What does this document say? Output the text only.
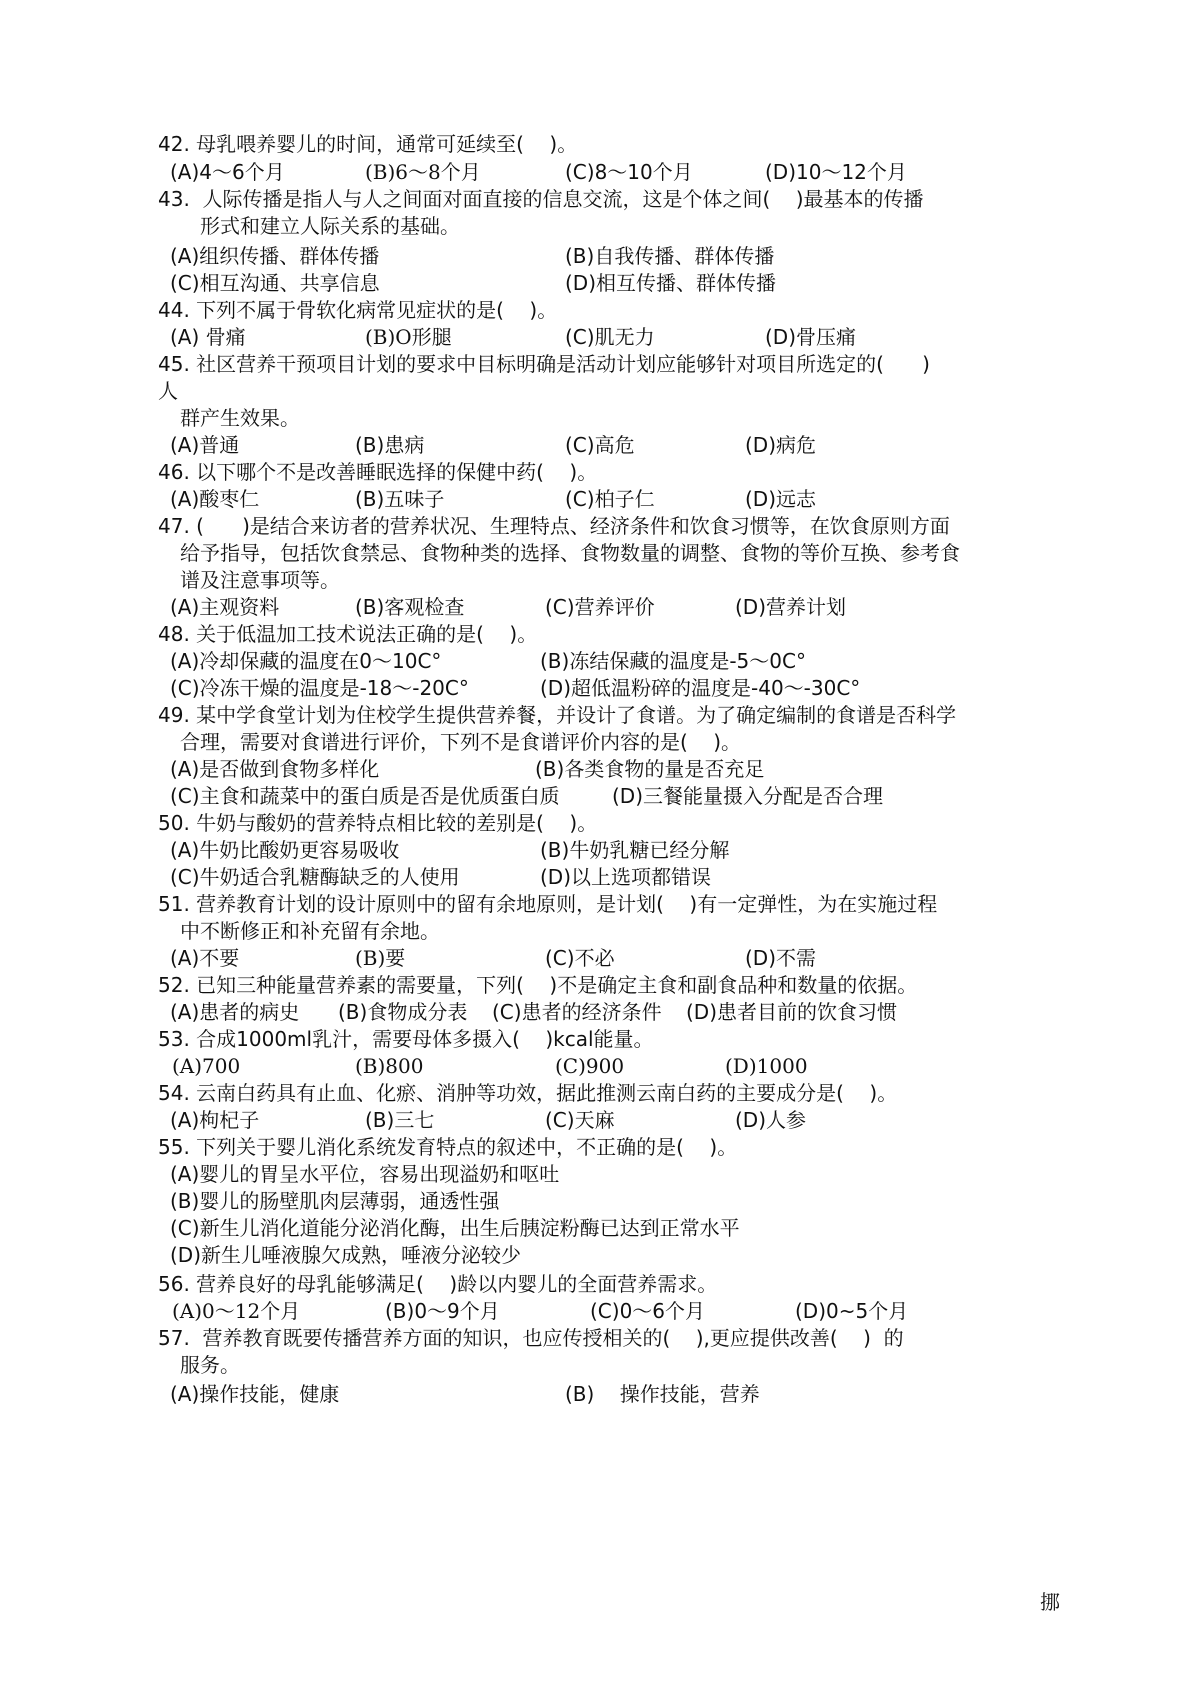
42. 母乳喂养婴儿的时间，通常可延续至(    )。
(A)4～6个月	(B)6～8个月	(C)8～10个月	(D)10～12个月
43.  人际传播是指人与人之间面对面直接的信息交流，这是个体之间(    )最基本的传播
形式和建立人际关系的基础。
(A)组织传播、群体传播	(B)自我传播、群体传播
(C)相互沟通、共享信息	(D)相互传播、群体传播
44. 下列不属于骨软化病常见症状的是(    )。
(A) 骨痛	(B)O形腿	(C)肌无力	(D)骨压痛
45. 社区营养干预项目计划的要求中目标明确是活动计划应能够针对项目所选定的(      )
人
群产生效果。
(A)普通	(B)患病	(C)高危	(D)病危
46. 以下哪个不是改善睡眠选择的保健中药(    )。
(A)酸枣仁	(B)五味子	(C)柏子仁	(D)远志
47. (      )是结合来访者的营养状况、生理特点、经济条件和饮食习惯等，在饮食原则方面
给予指导，包括饮食禁忌、食物种类的选择、食物数量的调整、食物的等价互换、参考食
谱及注意事项等。
(A)主观资料	(B)客观检查	(C)营养评价	(D)营养计划
48. 关于低温加工技术说法正确的是(    )。
(A)冷却保藏的温度在0～10C°	(B)冻结保藏的温度是-5～0C°
(C)冷冻干燥的温度是-18～-20C°	(D)超低温粉碎的温度是-40～-30C°
49. 某中学食堂计划为住校学生提供营养餐，并设计了食谱。为了确定编制的食谱是否科学
合理，需要对食谱进行评价，下列不是食谱评价内容的是(    )。
(A)是否做到食物多样化	(B)各类食物的量是否充足
(C)主食和蔬菜中的蛋白质是否是优质蛋白质	(D)三餐能量摄入分配是否合理
50. 牛奶与酸奶的营养特点相比较的差别是(    )。
(A)牛奶比酸奶更容易吸收	(B)牛奶乳糖已经分解
(C)牛奶适合乳糖酶缺乏的人使用	(D)以上选项都错误
51. 营养教育计划的设计原则中的留有余地原则，是计划(    )有一定弹性，为在实施过程
中不断修正和补充留有余地。
(A)不要	(B)要	(C)不必	(D)不需
52. 已知三种能量营养素的需要量，下列(    )不是确定主食和副食品种和数量的依据。
(A)患者的病史 (B)食物成分表 (C)患者的经济条件 (D)患者目前的饮食习惯
53. 合成1000ml乳汁，需要母体多摄入(    )kcal能量。
(A)700	(B)800	(C)900	(D)1000
54. 云南白药具有止血、化瘀、消肿等功效，据此推测云南白药的主要成分是(    )。
(A)枸杞子	(B)三七	(C)天麻	(D)人参
55. 下列关于婴儿消化系统发育特点的叙述中，不正确的是(    )。
(A)婴儿的胃呈水平位，容易出现溢奶和呕吐
(B)婴儿的肠壁肌肉层薄弱，通透性强
(C)新生儿消化道能分泌消化酶，出生后胰淀粉酶已达到正常水平
(D)新生儿唾液腺欠成熟，唾液分泌较少
56. 营养良好的母乳能够满足(    )龄以内婴儿的全面营养需求。
(A)0～12个月	(B)0～9个月	(C)0～6个月	(D)0~5个月
57.  营养教育既要传播营养方面的知识，也应传授相关的(    ),更应提供改善(    )  的
服务。
(A)操作技能，健康	(B)    操作技能，营养
挪
